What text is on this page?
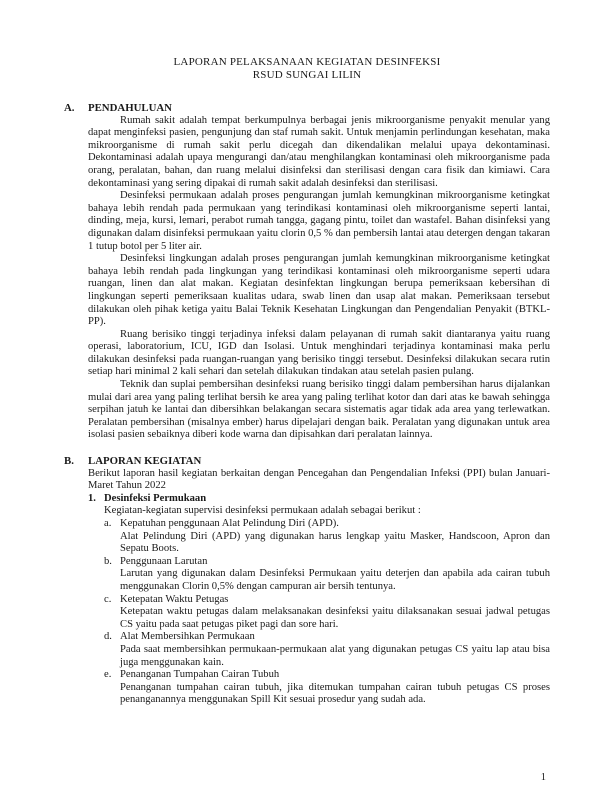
LAPORAN PELAKSANAAN KEGIATAN DESINFEKSI
RSUD SUNGAI LILIN
A.	PENDAHULUAN

Rumah sakit adalah tempat berkumpulnya berbagai jenis mikroorganisme penyakit menular yang dapat menginfeksi pasien, pengunjung dan staf rumah sakit. Untuk menjamin perlindungan kesehatan, maka mikroorganisme di rumah sakit perlu dicegah dan dikendalikan melalui upaya dekontaminasi. Dekontaminasi adalah upaya mengurangi dan/atau menghilangkan kontaminasi oleh mikroorganisme pada orang, peralatan, bahan, dan ruang melalui disinfeksi dan sterilisasi dengan cara fisik dan kimiawi. Cara dekontaminasi yang sering dipakai di rumah sakit adalah desinfeksi dan sterilisasi.

Desinfeksi permukaan adalah proses pengurangan jumlah kemungkinan mikroorganisme ketingkat bahaya lebih rendah pada permukaan yang terindikasi kontaminasi oleh mikroorganisme seperti lantai, dinding, meja, kursi, lemari, perabot rumah tangga, gagang pintu, toilet dan wastafel. Bahan disinfeksi yang digunakan dalam disinfeksi permukaan yaitu clorin 0,5 % dan pembersih lantai atau detergen dengan takaran 1 tutup botol per 5 liter air.

Desinfeksi lingkungan adalah proses pengurangan jumlah kemungkinan mikroorganisme ketingkat bahaya lebih rendah pada lingkungan yang terindikasi kontaminasi oleh mikroorganisme seperti udara ruangan, linen dan alat makan. Kegiatan desinfektan lingkungan berupa pemeriksaan kebersihan di lingkungan seperti pemeriksaan kualitas udara, swab linen dan usap alat makan. Pemeriksaan tersebut dilakukan oleh pihak ketiga yaitu Balai Teknik Kesehatan Lingkungan dan Pengendalian Penyakit (BTKL-PP).

Ruang berisiko tinggi terjadinya infeksi dalam pelayanan di rumah sakit diantaranya yaitu ruang operasi, laboratorium, ICU, IGD dan Isolasi. Untuk menghindari terjadinya kontaminasi maka perlu dilakukan desinfeksi pada ruangan-ruangan yang berisiko tinggi tersebut. Desinfeksi dilakukan secara rutin setiap hari minimal 2 kali sehari dan setelah dilakukan tindakan atau setelah pasien pulang.

Teknik dan suplai pembersihan desinfeksi ruang berisiko tinggi dalam pembersihan harus dijalankan mulai dari area yang paling terlihat bersih ke area yang paling terlihat kotor dan dari atas ke bawah sehingga serpihan jatuh ke lantai dan dibersihkan belakangan secara sistematis agar tidak ada area yang terlewatkan. Peralatan pembersihan (misalnya ember) harus dipelajari dengan baik. Peralatan yang digunakan untuk area isolasi pasien sebaiknya diberi kode warna dan dipisahkan dari peralatan lainnya.

B.	LAPORAN KEGIATAN

Berikut laporan hasil kegiatan berkaitan dengan Pencegahan dan Pengendalian Infeksi (PPI) bulan Januari-Maret Tahun 2022

1. Desinfeksi Permukaan

Kegiatan-kegiatan supervisi desinfeksi permukaan adalah sebagai berikut :

a. Kepatuhan penggunaan Alat Pelindung Diri (APD).

Alat Pelindung Diri (APD) yang digunakan harus lengkap yaitu Masker, Handscoon, Apron dan Sepatu Boots.

b. Penggunaan Larutan

Larutan yang digunakan dalam Desinfeksi Permukaan yaitu deterjen dan apabila ada cairan tubuh menggunakan Clorin 0,5% dengan campuran air bersih tentunya.

c. Ketepatan Waktu Petugas

Ketepatan waktu petugas dalam melaksanakan desinfeksi yaitu dilaksanakan sesuai jadwal petugas CS yaitu pada saat petugas piket pagi dan sore hari.

d. Alat Membersihkan Permukaan

Pada saat membersihkan permukaan-permukaan alat yang digunakan petugas CS yaitu lap atau bisa juga menggunakan kain.

e. Penanganan Tumpahan Cairan Tubuh

Penanganan tumpahan cairan tubuh, jika ditemukan tumpahan cairan tubuh petugas CS proses penanganannya menggunakan Spill Kit sesuai prosedur yang sudah ada.

1
